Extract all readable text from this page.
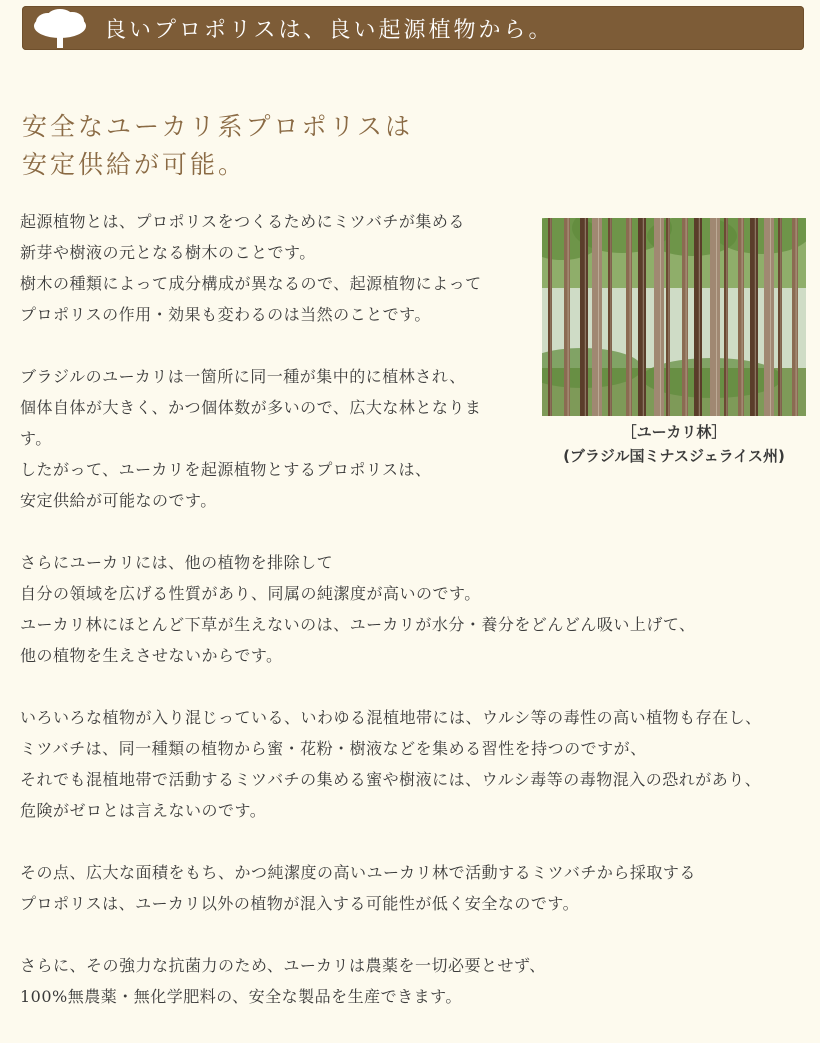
良いプロポリスは、良い起源植物から。
安全なユーカリ系プロポリスは
安定供給が可能。
［ユーカリ林］
(ブラジル国ミナスジェライス州)
起源植物とは、プロポリスをつくるためにミツバチが集める
新芽や樹液の元となる樹木のことです。
樹木の種類によって成分構成が異なるので、起源植物によって
プロポリスの作用・効果も変わるのは当然のことです。
ブラジルのユーカリは一箇所に同一種が集中的に植林され、
個体自体が大きく、かつ個体数が多いので、広大な林となりま
す。
したがって、ユーカリを起源植物とするプロポリスは、
安定供給が可能なのです。
さらにユーカリには、他の植物を排除して
自分の領域を広げる性質があり、同属の純潔度が高いのです。
ユーカリ林にほとんど下草が生えないのは、ユーカリが水分・養分をどんどん吸い上げて、
他の植物を生えさせないからです。
いろいろな植物が入り混じっている、いわゆる混植地帯には、ウルシ等の毒性の高い植物も存在し、
ミツバチは、同一種類の植物から蜜・花粉・樹液などを集める習性を持つのですが、
それでも混植地帯で活動するミツバチの集める蜜や樹液には、ウルシ毒等の毒物混入の恐れがあり、
危険がゼロとは言えないのです。
その点、広大な面積をもち、かつ純潔度の高いユーカリ林で活動するミツバチから採取する
プロポリスは、ユーカリ以外の植物が混入する可能性が低く安全なのです。
さらに、その強力な抗菌力のため、ユーカリは農薬を一切必要とせず、
100%無農薬・無化学肥料の、安全な製品を生産できます。
